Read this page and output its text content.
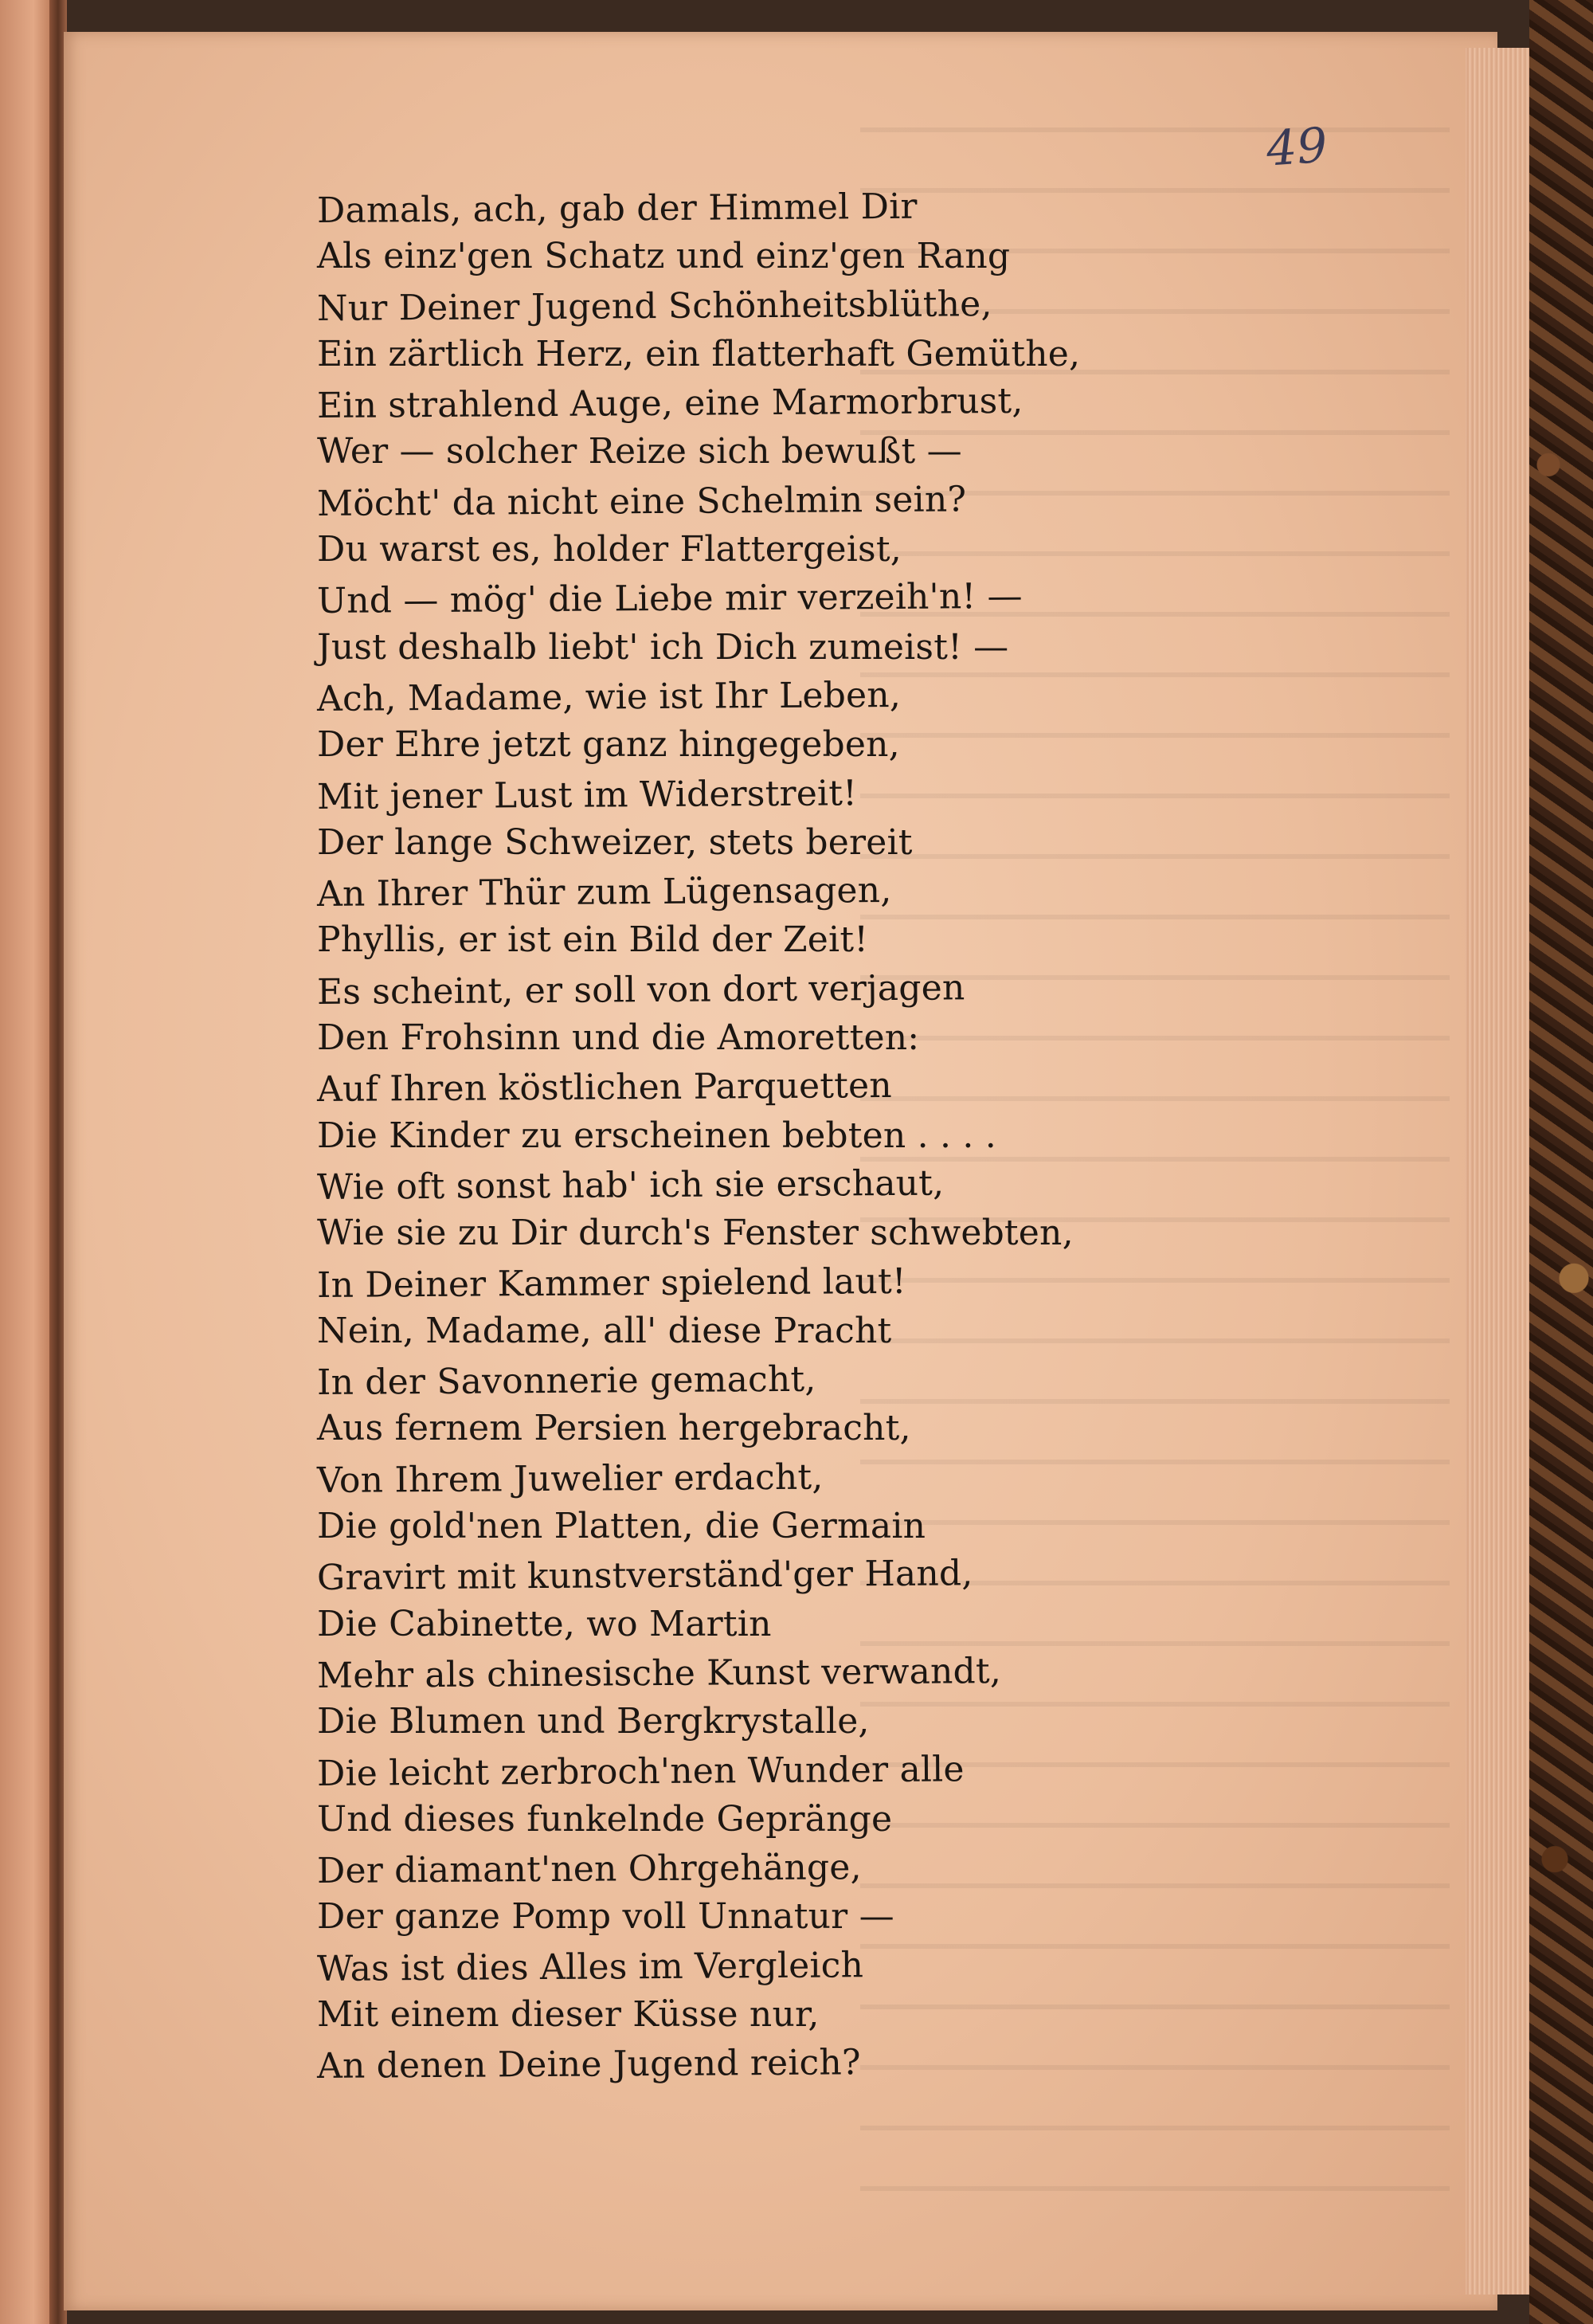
49
Damals, ach, gab der Himmel Dir
Als einz'gen Schatz und einz'gen Rang
Nur Deiner Jugend Schönheitsblüthe,
Ein zärtlich Herz, ein flatterhaft Gemüthe,
Ein strahlend Auge, eine Marmorbrust,
Wer — solcher Reize sich bewußt —
Möcht' da nicht eine Schelmin sein?
Du warst es, holder Flattergeist,
Und — mög' die Liebe mir verzeih'n! —
Just deshalb liebt' ich Dich zumeist! —
Ach, Madame, wie ist Ihr Leben,
Der Ehre jetzt ganz hingegeben,
Mit jener Lust im Widerstreit!
Der lange Schweizer, stets bereit
An Ihrer Thür zum Lügensagen,
Phyllis, er ist ein Bild der Zeit!
Es scheint, er soll von dort verjagen
Den Frohsinn und die Amoretten:
Auf Ihren köstlichen Parquetten
Die Kinder zu erscheinen bebten . . . .
Wie oft sonst hab' ich sie erschaut,
Wie sie zu Dir durch's Fenster schwebten,
In Deiner Kammer spielend laut!
Nein, Madame, all' diese Pracht
In der Savonnerie gemacht,
Aus fernem Persien hergebracht,
Von Ihrem Juwelier erdacht,
Die gold'nen Platten, die Germain
Gravirt mit kunstverständ'ger Hand,
Die Cabinette, wo Martin
Mehr als chinesische Kunst verwandt,
Die Blumen und Bergkrystalle,
Die leicht zerbroch'nen Wunder alle
Und dieses funkelnde Gepränge
Der diamant'nen Ohrgehänge,
Der ganze Pomp voll Unnatur —
Was ist dies Alles im Vergleich
Mit einem dieser Küsse nur,
An denen Deine Jugend reich?
